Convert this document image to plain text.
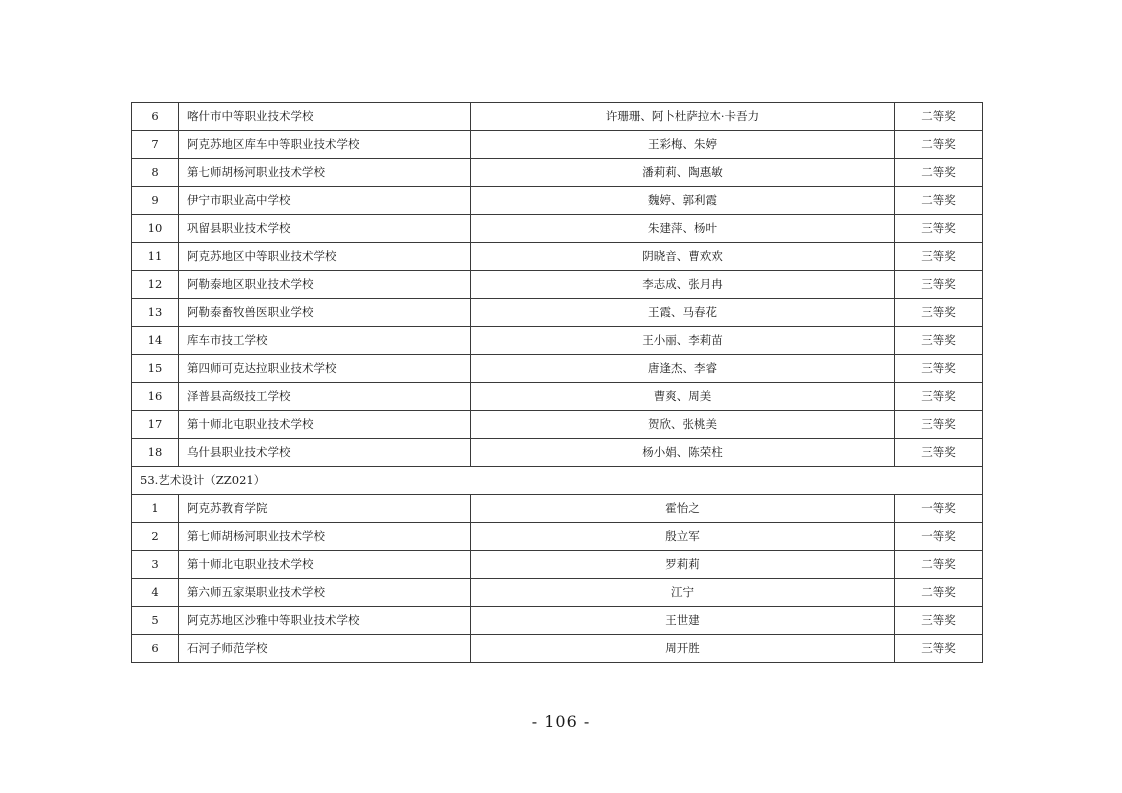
6	喀什市中等职业技术学校	许珊珊、阿卜杜萨拉木·卡吾力	二等奖
7	阿克苏地区库车中等职业技术学校	王彩梅、朱婷	二等奖
8	第七师胡杨河职业技术学校	潘莉莉、陶惠敏	二等奖
9	伊宁市职业高中学校	魏婷、郭利霞	二等奖
10	巩留县职业技术学校	朱建萍、杨叶	三等奖
11	阿克苏地区中等职业技术学校	阴晓音、曹欢欢	三等奖
12	阿勒泰地区职业技术学校	李志成、张月冉	三等奖
13	阿勒泰畜牧兽医职业学校	王霞、马春花	三等奖
14	库车市技工学校	王小丽、李莉苗	三等奖
15	第四师可克达拉职业技术学校	唐逢杰、李睿	三等奖
16	泽普县高级技工学校	曹爽、周美	三等奖
17	第十师北屯职业技术学校	贺欣、张桃美	三等奖
18	乌什县职业技术学校	杨小娟、陈荣柱	三等奖
53.艺术设计（ZZ021）			
1	阿克苏教育学院	霍怡之	一等奖
2	第七师胡杨河职业技术学校	殷立军	一等奖
3	第十师北屯职业技术学校	罗莉莉	二等奖
4	第六师五家渠职业技术学校	江宁	二等奖
5	阿克苏地区沙雅中等职业技术学校	王世建	三等奖
6	石河子师范学校	周开胜	三等奖
- 106 -
